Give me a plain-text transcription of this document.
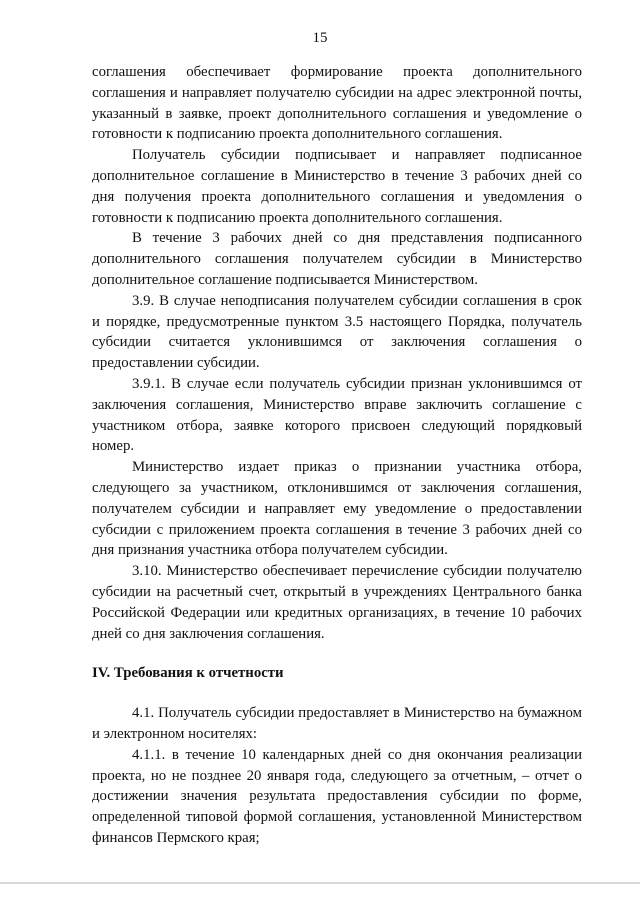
15

соглашения обеспечивает формирование проекта дополнительного соглашения и направляет получателю субсидии на адрес электронной почты, указанный в заявке, проект дополнительного соглашения и уведомление о готовности к подписанию проекта дополнительного соглашения.

Получатель субсидии подписывает и направляет подписанное дополнительное соглашение в Министерство в течение 3 рабочих дней со дня получения проекта дополнительного соглашения и уведомления о готовности к подписанию проекта дополнительного соглашения.

В течение 3 рабочих дней со дня представления подписанного дополнительного соглашения получателем субсидии в Министерство дополнительное соглашение подписывается Министерством.

3.9. В случае неподписания получателем субсидии соглашения в срок и порядке, предусмотренные пунктом 3.5 настоящего Порядка, получатель субсидии считается уклонившимся от заключения соглашения о предоставлении субсидии.

3.9.1. В случае если получатель субсидии признан уклонившимся от заключения соглашения, Министерство вправе заключить соглашение с участником отбора, заявке которого присвоен следующий порядковый номер.

Министерство издает приказ о признании участника отбора, следующего за участником, отклонившимся от заключения соглашения, получателем субсидии и направляет ему уведомление о предоставлении субсидии с приложением проекта соглашения в течение 3 рабочих дней со дня признания участника отбора получателем субсидии.

3.10. Министерство обеспечивает перечисление субсидии получателю субсидии на расчетный счет, открытый в учреждениях Центрального банка Российской Федерации или кредитных организациях, в течение 10 рабочих дней со дня заключения соглашения.

IV. Требования к отчетности

4.1. Получатель субсидии предоставляет в Министерство на бумажном и электронном носителях:

4.1.1. в течение 10 календарных дней со дня окончания реализации проекта, но не позднее 20 января года, следующего за отчетным, – отчет о достижении значения результата предоставления субсидии по форме, определенной типовой формой соглашения, установленной Министерством финансов Пермского края;
